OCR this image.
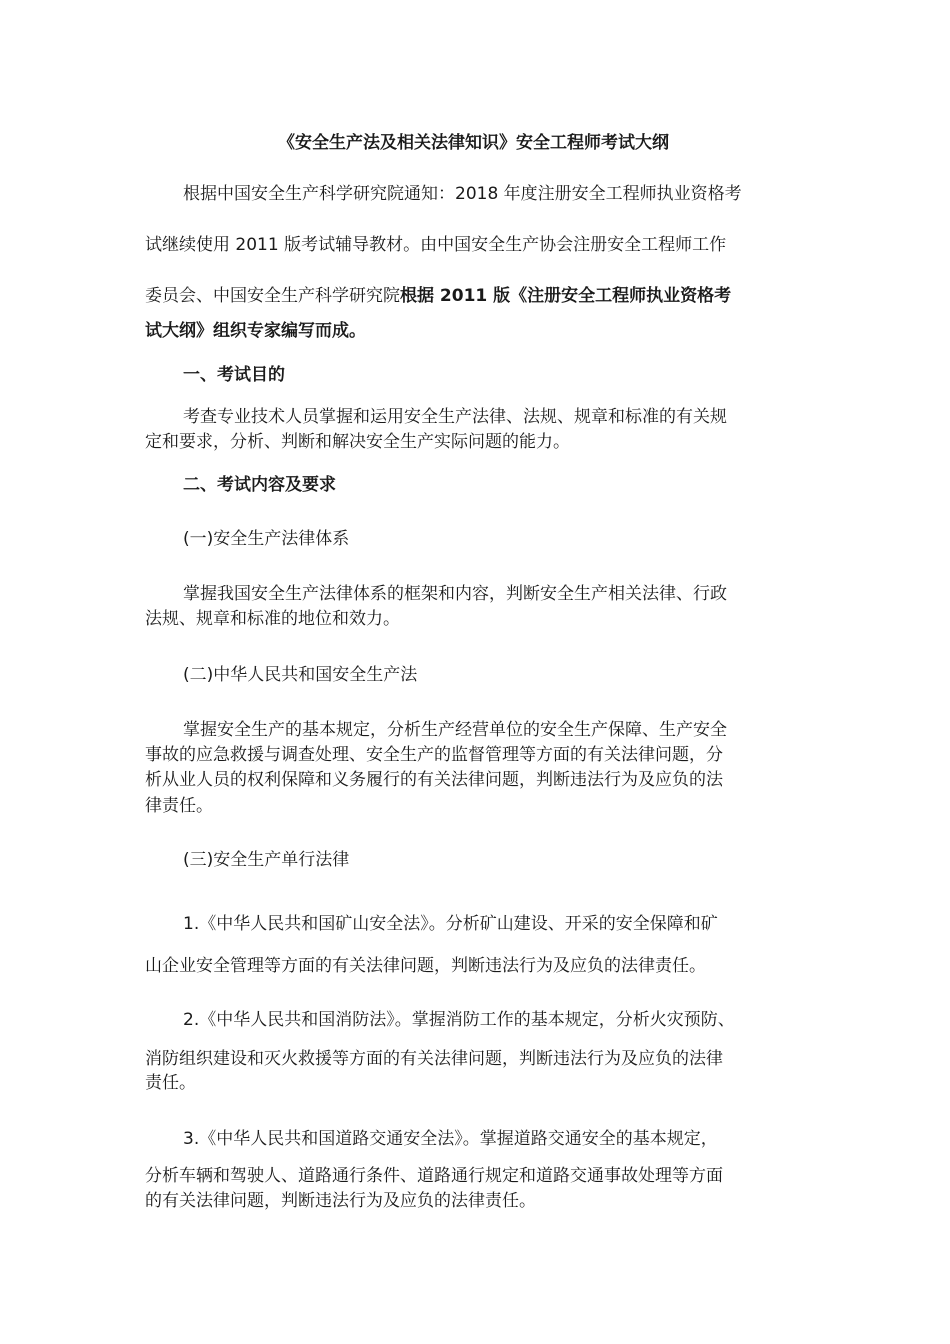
《安全生产法及相关法律知识》安全工程师考试大纲
根据中国安全生产科学研究院通知：2018 年度注册安全工程师执业资格考
试继续使用 2011 版考试辅导教材。由中国安全生产协会注册安全工程师工作
委员会、中国安全生产科学研究院根据 2011 版《注册安全工程师执业资格考
试大纲》组织专家编写而成。
一、考试目的
考查专业技术人员掌握和运用安全生产法律、法规、规章和标准的有关规
定和要求，分析、判断和解决安全生产实际问题的能力。
二、考试内容及要求
(一)安全生产法律体系
掌握我国安全生产法律体系的框架和内容，判断安全生产相关法律、行政
法规、规章和标准的地位和效力。
(二)中华人民共和国安全生产法
掌握安全生产的基本规定，分析生产经营单位的安全生产保障、生产安全
事故的应急救援与调查处理、安全生产的监督管理等方面的有关法律问题，分
析从业人员的权利保障和义务履行的有关法律问题，判断违法行为及应负的法
律责任。
(三)安全生产单行法律
1.《中华人民共和国矿山安全法》。分析矿山建设、开采的安全保障和矿
山企业安全管理等方面的有关法律问题，判断违法行为及应负的法律责任。
2.《中华人民共和国消防法》。掌握消防工作的基本规定，分析火灾预防、
消防组织建设和灭火救援等方面的有关法律问题，判断违法行为及应负的法律
责任。
3.《中华人民共和国道路交通安全法》。掌握道路交通安全的基本规定，
分析车辆和驾驶人、道路通行条件、道路通行规定和道路交通事故处理等方面
的有关法律问题，判断违法行为及应负的法律责任。
